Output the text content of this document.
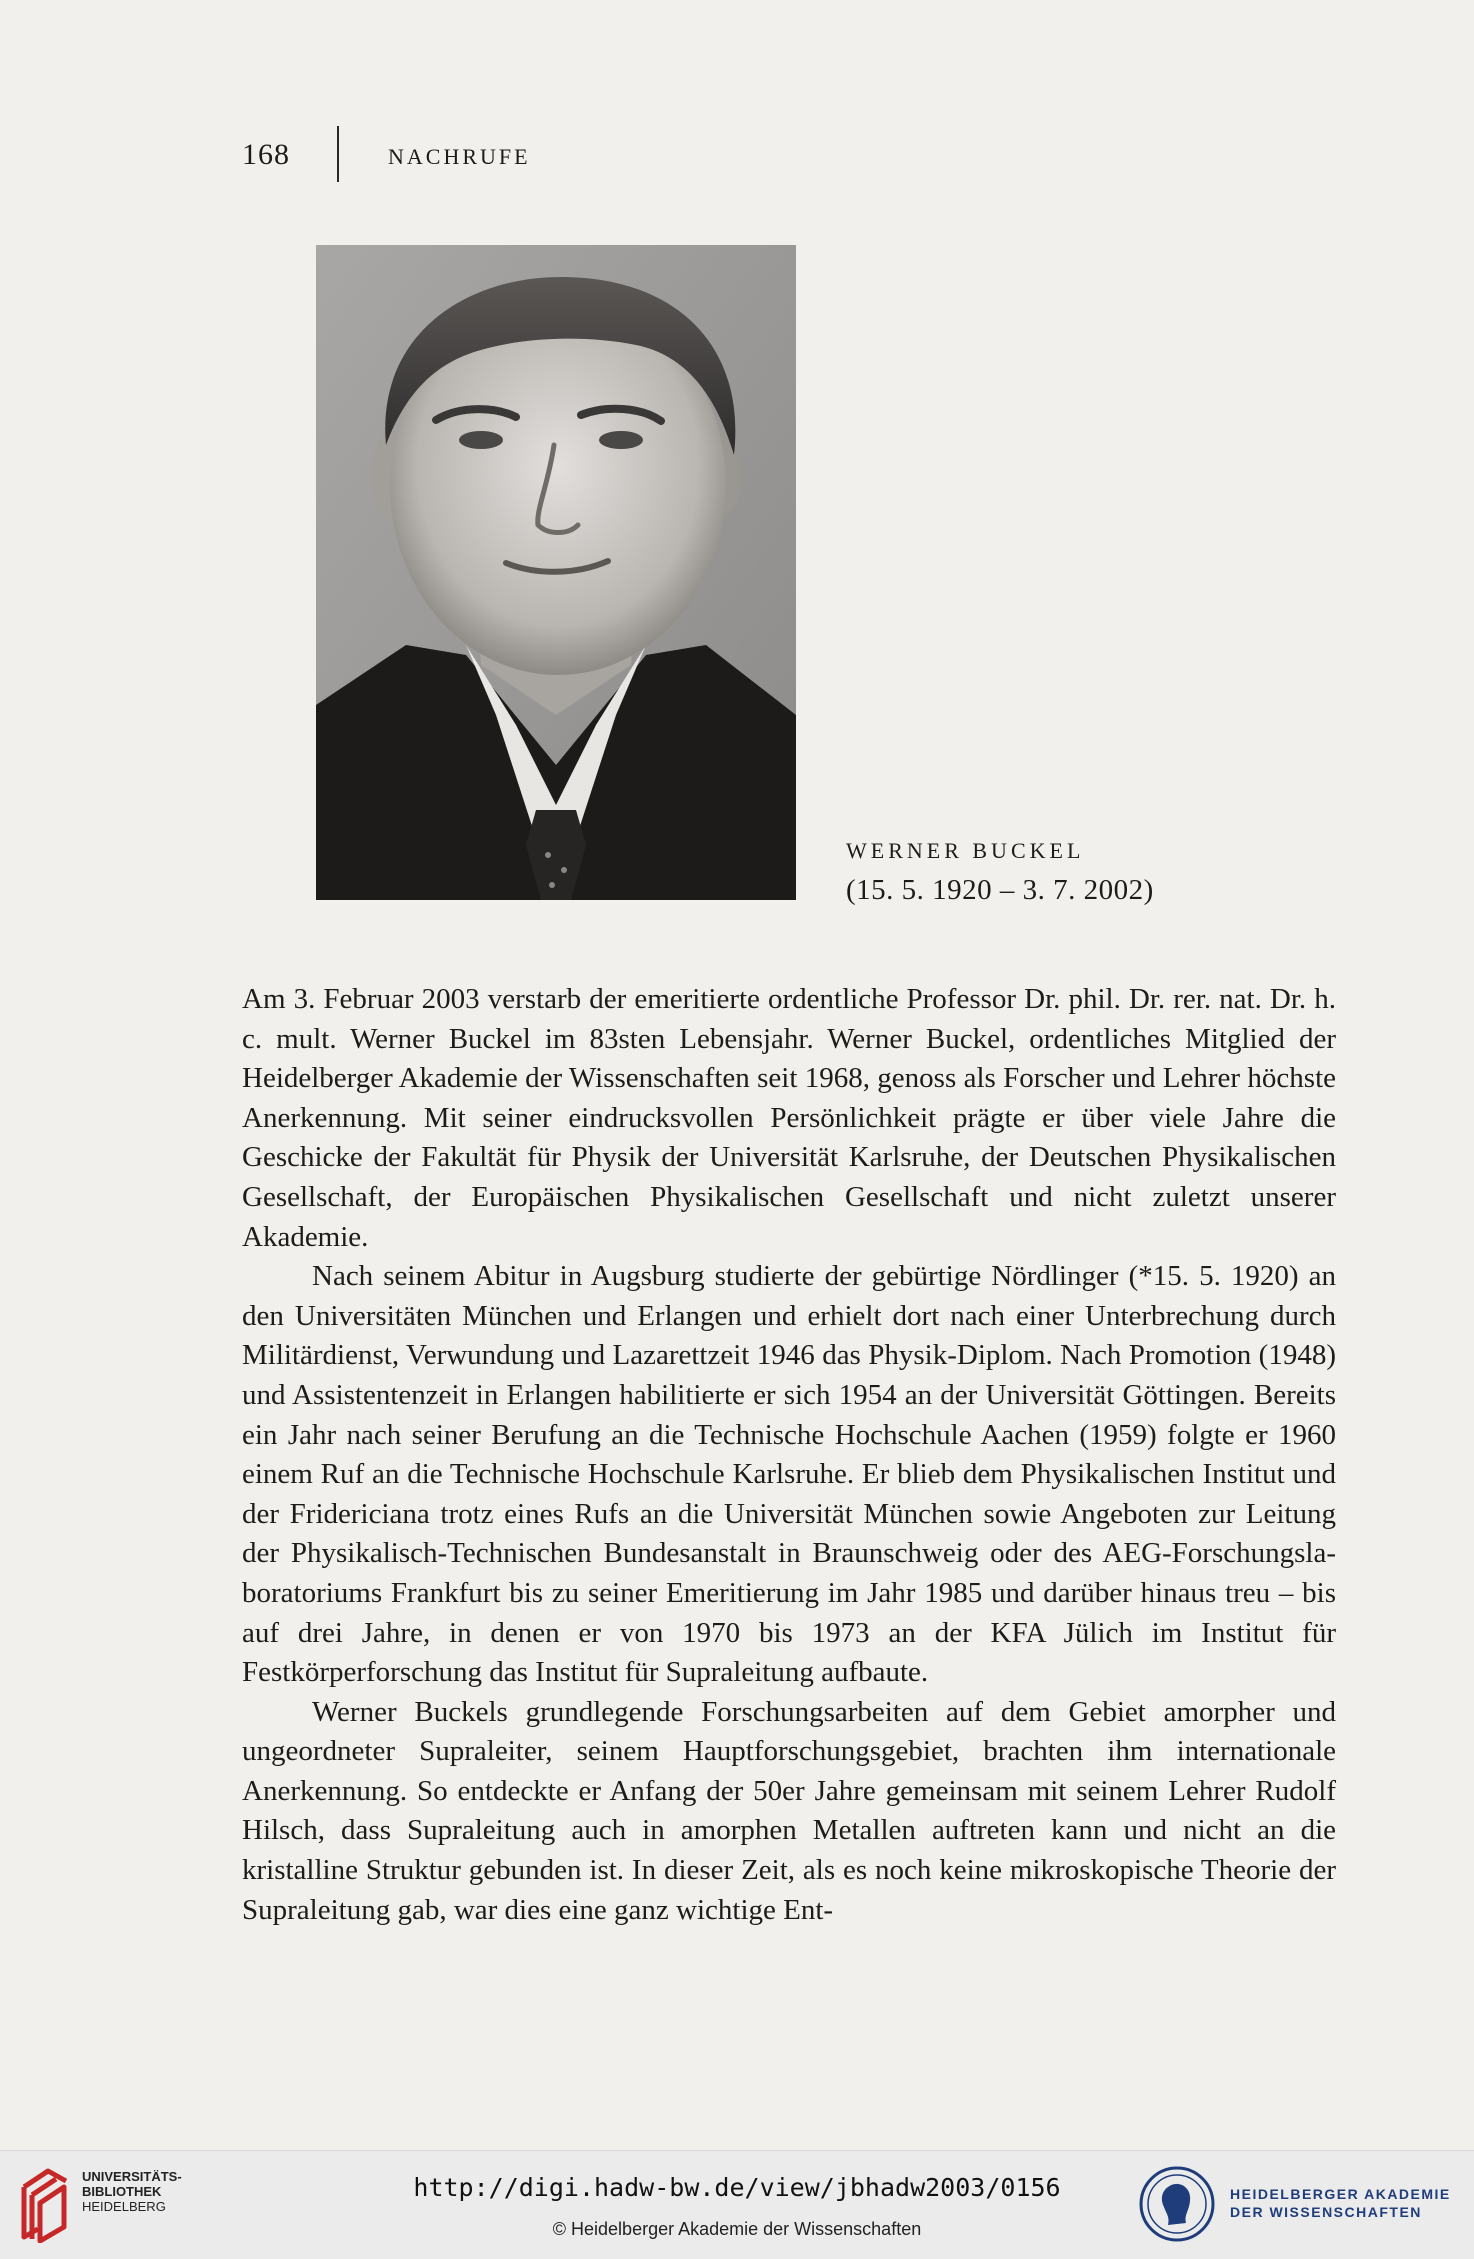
168	NACHRUFE
WERNER BUCKEL
(15. 5. 1920 – 3. 7. 2002)

Am 3. Februar 2003 verstarb der emeritierte ordentliche Professor Dr. phil. Dr. rer. nat. Dr. h. c. mult. Werner Buckel im 83sten Lebensjahr. Werner Buckel, ordentliches Mitglied der Heidelberger Akademie der Wissenschaften seit 1968, genoss als Forscher und Lehrer höchste Anerkennung. Mit seiner eindrucksvollen Persönlichkeit prägte er über viele Jahre die Geschicke der Fakultät für Physik der Universität Karlsruhe, der Deutschen Physikalischen Gesellschaft, der Europäischen Physikalischen Gesellschaft und nicht zuletzt unserer Akademie.

Nach seinem Abitur in Augsburg studierte der gebürtige Nördlinger (*15. 5. 1920) an den Universitäten München und Erlangen und erhielt dort nach einer Unterbrechung durch Militärdienst, Verwundung und Lazarettzeit 1946 das Physik-Diplom. Nach Promotion (1948) und Assistentenzeit in Erlangen habilitierte er sich 1954 an der Universität Göttingen. Bereits ein Jahr nach seiner Berufung an die Technische Hochschule Aachen (1959) folgte er 1960 einem Ruf an die Technische Hochschule Karlsruhe. Er blieb dem Physikalischen Institut und der Fridericiana trotz eines Rufs an die Universität München sowie Angeboten zur Leitung der Physikalisch-Technischen Bundesanstalt in Braunschweig oder des AEG-Forschungslaboratoriums Frankfurt bis zu seiner Emeritierung im Jahr 1985 und darüber hinaus treu – bis auf drei Jahre, in denen er von 1970 bis 1973 an der KFA Jülich im Institut für Festkörperforschung das Institut für Supraleitung aufbaute.

Werner Buckels grundlegende Forschungsarbeiten auf dem Gebiet amorpher und ungeordneter Supraleiter, seinem Hauptforschungsgebiet, brachten ihm internationale Anerkennung. So entdeckte er Anfang der 50er Jahre gemeinsam mit seinem Lehrer Rudolf Hilsch, dass Supraleitung auch in amorphen Metallen auftreten kann und nicht an die kristalline Struktur gebunden ist. In dieser Zeit, als es noch keine mikroskopische Theorie der Supraleitung gab, war dies eine ganz wichtige Ent-

UNIVERSITÄTS-
BIBLIOTHEK
HEIDELBERG
http://digi.hadw-bw.de/view/jbhadw2003/0156
© Heidelberger Akademie der Wissenschaften
HEIDELBERGER AKADEMIE
DER WISSENSCHAFTEN
